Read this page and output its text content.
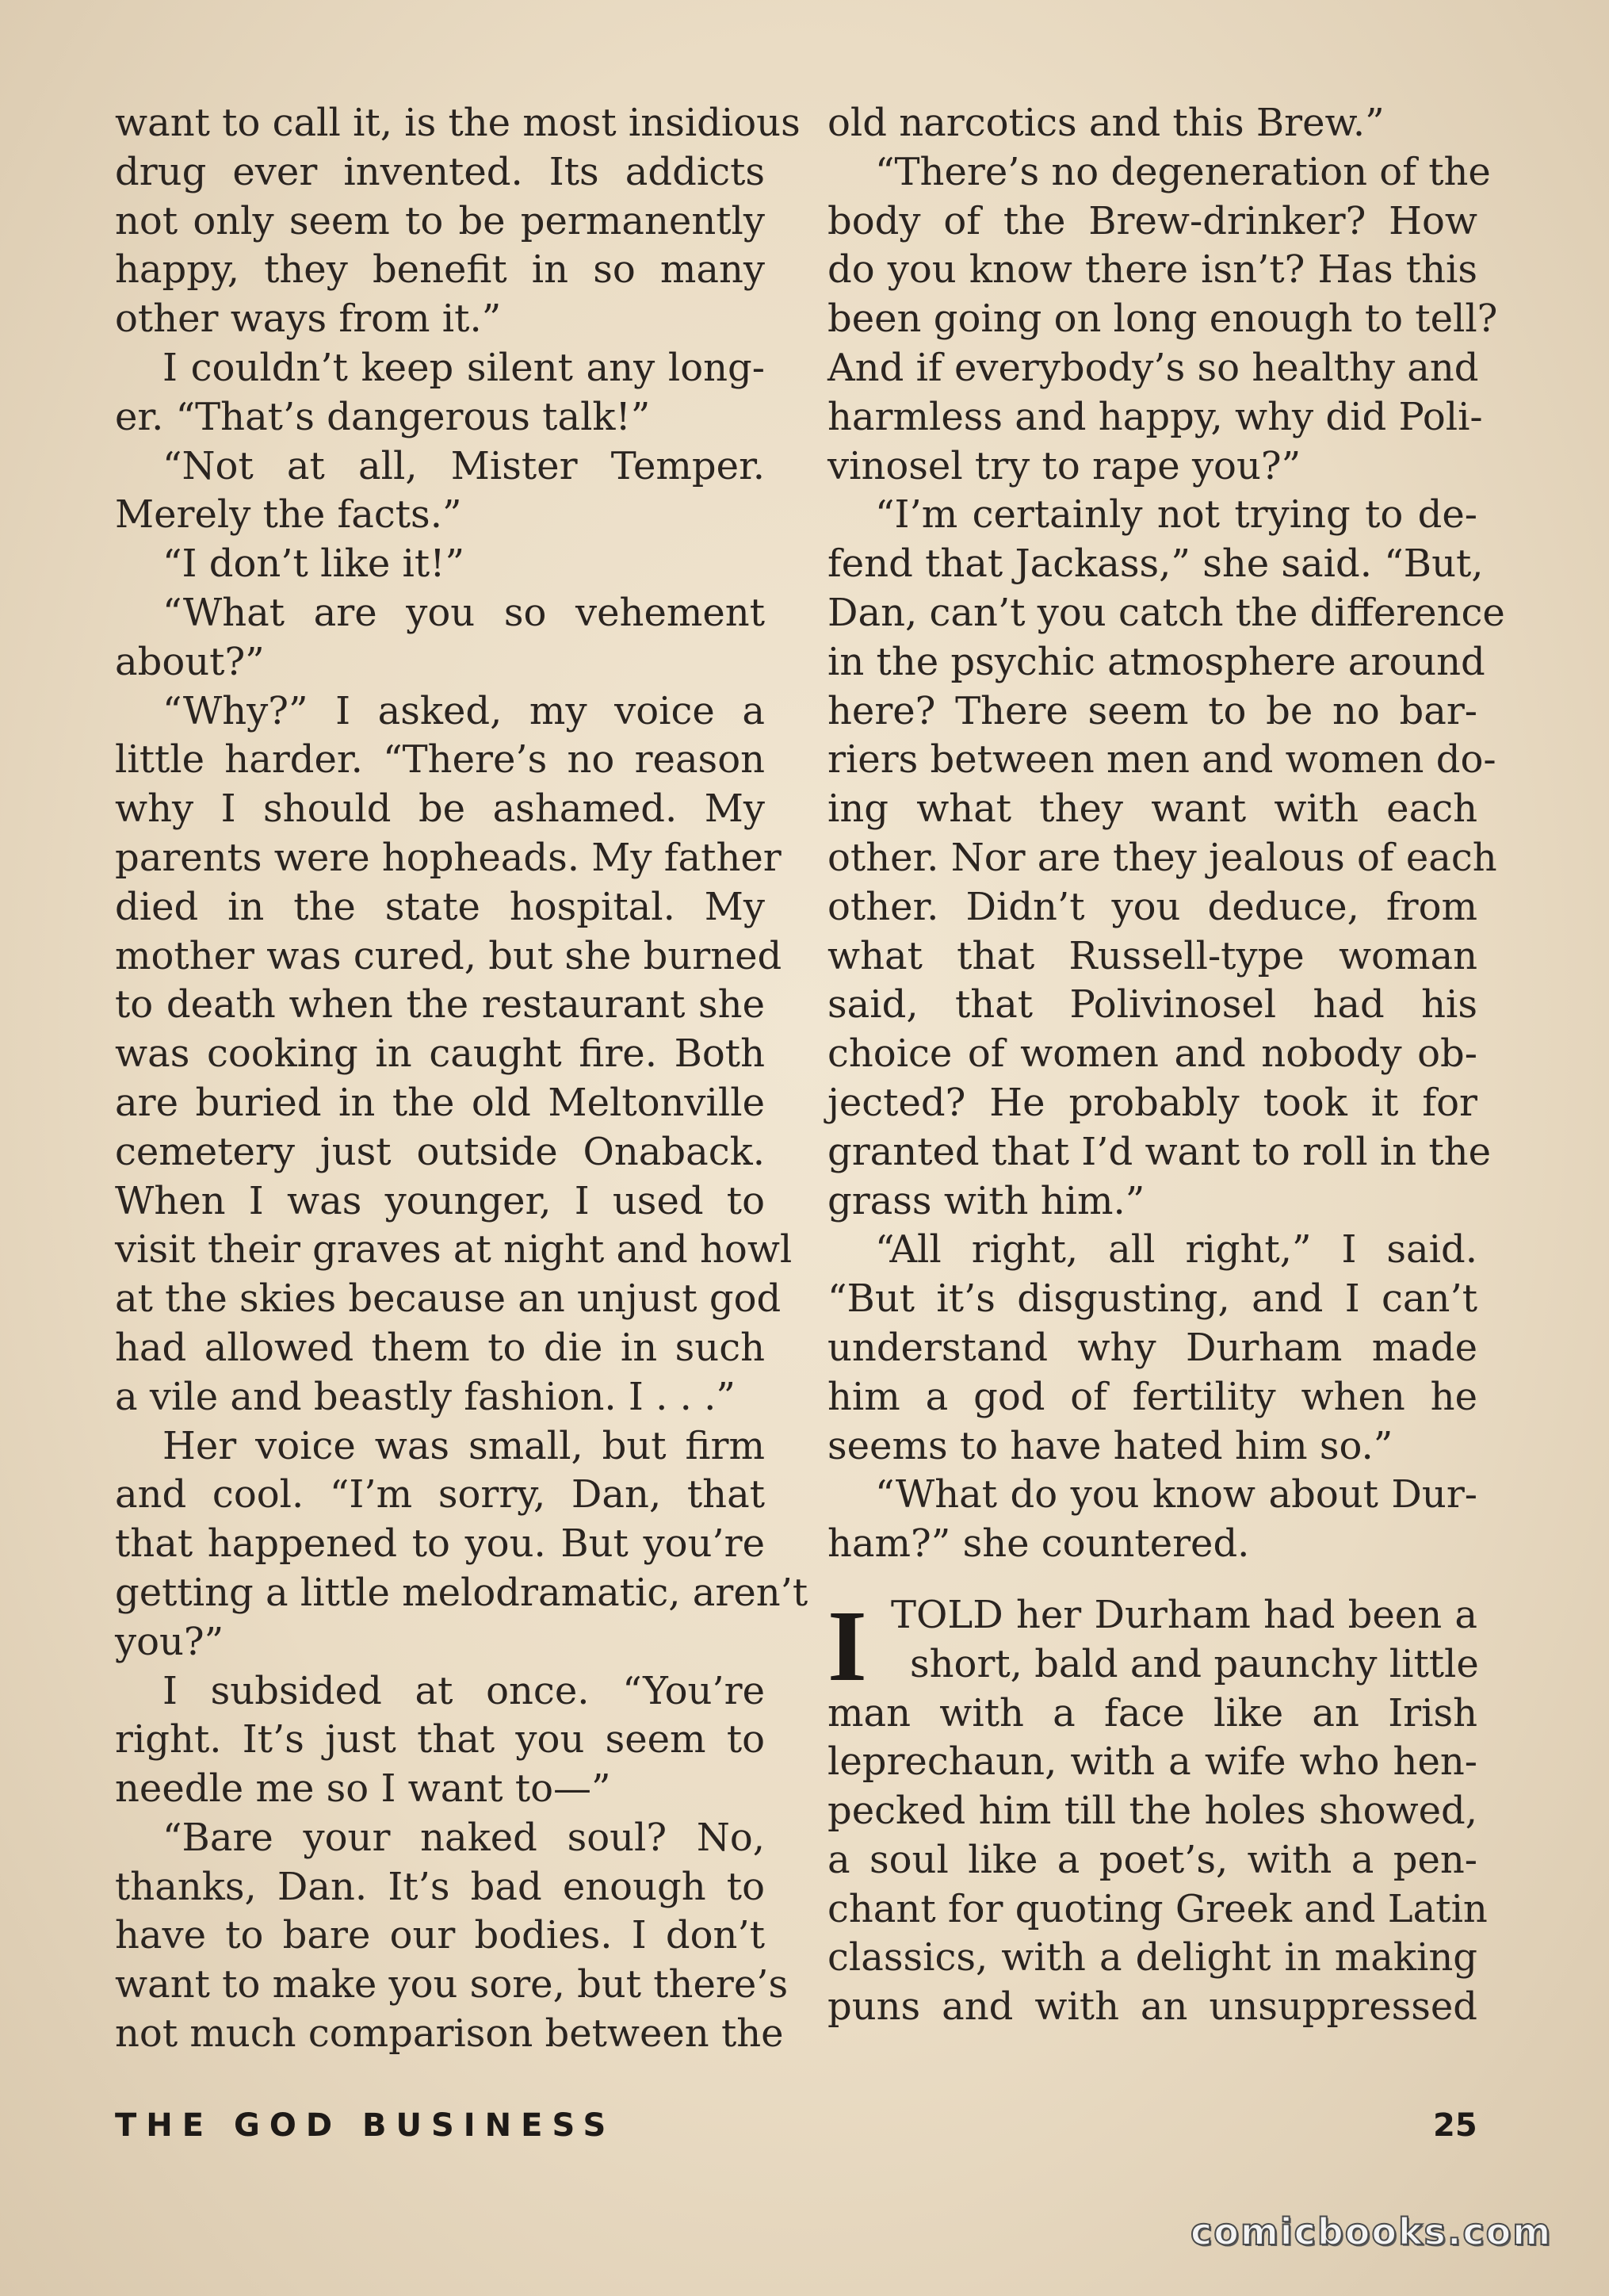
want to call it, is the most insidious
drug ever invented. Its addicts
not only seem to be permanently
happy, they benefit in so many
other ways from it.”
I couldn’t keep silent any long-
er. “That’s dangerous talk!”
“Not at all, Mister Temper.
Merely the facts.”
“I don’t like it!”
“What are you so vehement
about?”
“Why?” I asked, my voice a
little harder. “There’s no reason
why I should be ashamed. My
parents were hopheads. My father
died in the state hospital. My
mother was cured, but she burned
to death when the restaurant she
was cooking in caught fire. Both
are buried in the old Meltonville
cemetery just outside Onaback.
When I was younger, I used to
visit their graves at night and howl
at the skies because an unjust god
had allowed them to die in such
a vile and beastly fashion. I . . .”
Her voice was small, but firm
and cool. “I’m sorry, Dan, that
that happened to you. But you’re
getting a little melodramatic, aren’t
you?”
I subsided at once. “You’re
right. It’s just that you seem to
needle me so I want to—”
“Bare your naked soul? No,
thanks, Dan. It’s bad enough to
have to bare our bodies. I don’t
want to make you sore, but there’s
not much comparison between the
old narcotics and this Brew.”
“There’s no degeneration of the
body of the Brew-drinker? How
do you know there isn’t? Has this
been going on long enough to tell?
And if everybody’s so healthy and
harmless and happy, why did Poli-
vinosel try to rape you?”
“I’m certainly not trying to de-
fend that Jackass,” she said. “But,
Dan, can’t you catch the difference
in the psychic atmosphere around
here? There seem to be no bar-
riers between men and women do-
ing what they want with each
other. Nor are they jealous of each
other. Didn’t you deduce, from
what that Russell-type woman
said, that Polivinosel had his
choice of women and nobody ob-
jected? He probably took it for
granted that I’d want to roll in the
grass with him.”
“All right, all right,” I said.
“But it’s disgusting, and I can’t
understand why Durham made
him a god of fertility when he
seems to have hated him so.”
“What do you know about Dur-
ham?” she countered.
I TOLD her Durham had been a
short, bald and paunchy little
man with a face like an Irish
leprechaun, with a wife who hen-
pecked him till the holes showed,
a soul like a poet’s, with a pen-
chant for quoting Greek and Latin
classics, with a delight in making
puns and with an unsuppressed
THE GOD BUSINESS	25
comicbooks.com
